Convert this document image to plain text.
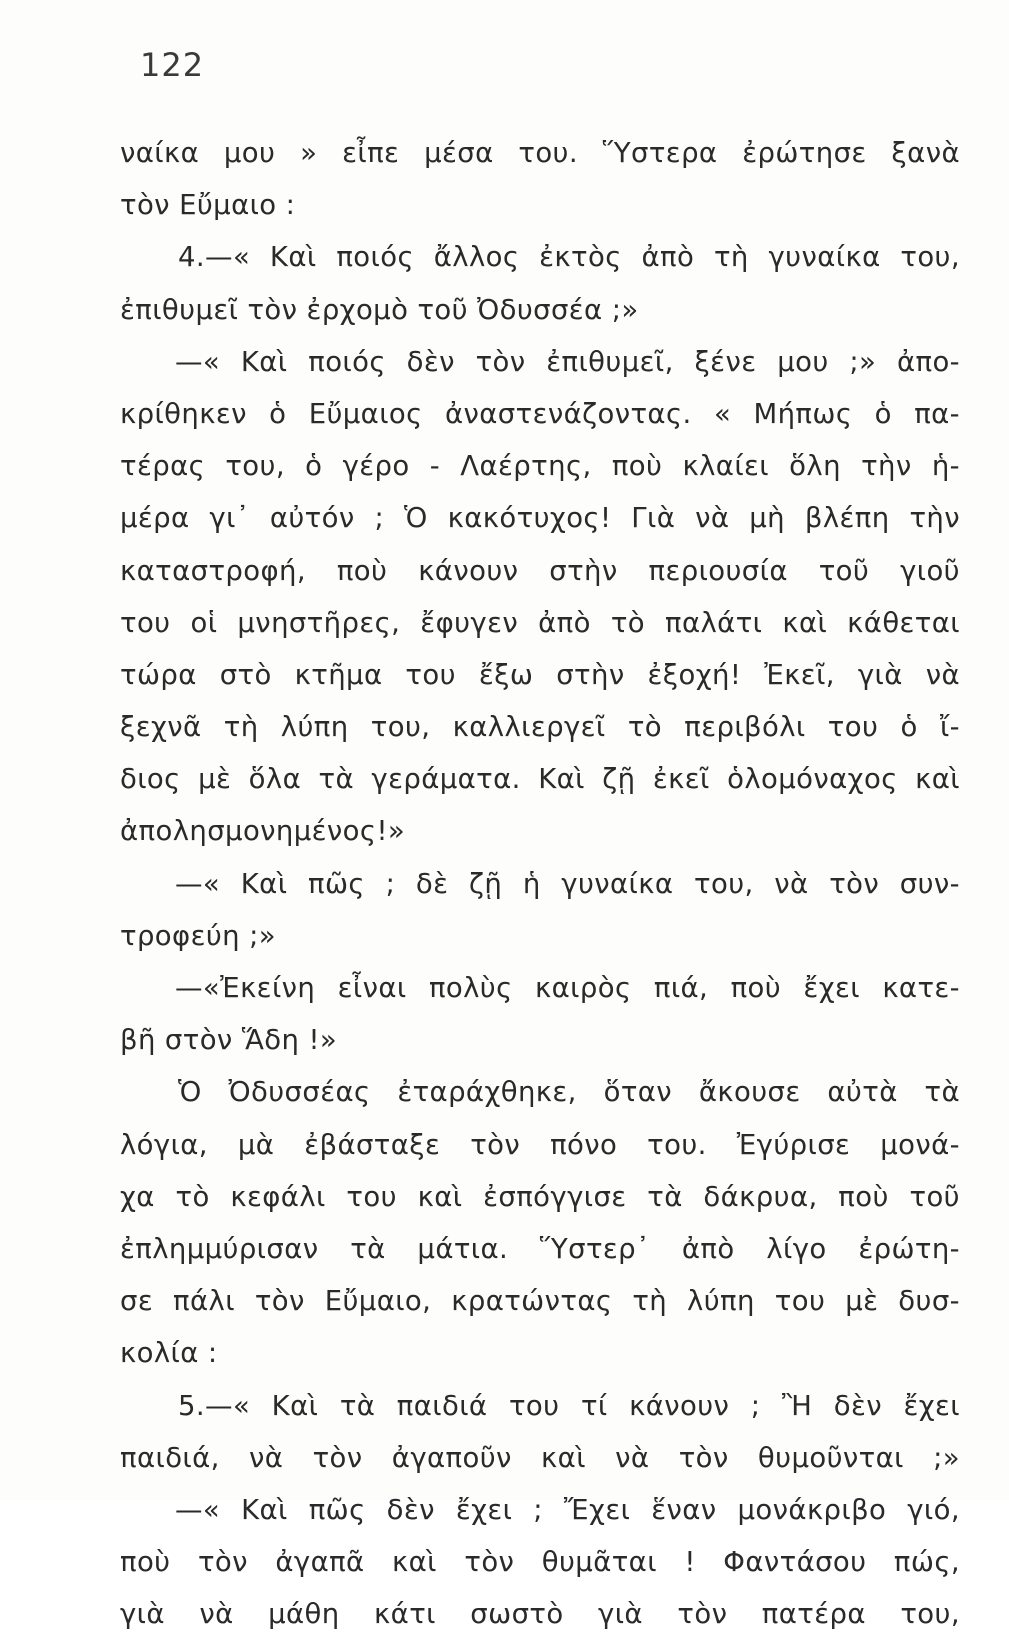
122
ναίκα μου » εἶπε μέσα του. Ὕστερα ἐρώτησε ξανὰ
τὸν Εὔμαιο :
4.—« Καὶ ποιός ἄλλος ἐκτὸς ἀπὸ τὴ γυναίκα του,
ἐπιθυμεῖ τὸν ἐρχομὸ τοῦ Ὀδυσσέα ;»
—« Καὶ ποιός δὲν τὸν ἐπιθυμεῖ, ξένε μου ;» ἀπο-
κρίθηκεν ὁ Εὔμαιος ἀναστενάζοντας. « Μήπως ὁ πα-
τέρας του, ὁ γέρο - Λαέρτης, ποὺ κλαίει ὅλη τὴν ἡ-
μέρα γι᾿ αὐτόν ; Ὁ κακότυχος! Γιὰ νὰ μὴ βλέπη τὴν
καταστροφή, ποὺ κάνουν στὴν περιουσία τοῦ γιοῦ
του οἱ μνηστῆρες, ἔφυγεν ἀπὸ τὸ παλάτι καὶ κάθεται
τώρα στὸ κτῆμα του ἔξω στὴν ἐξοχή! Ἐκεῖ, γιὰ νὰ
ξεχνᾶ τὴ λύπη του, καλλιεργεῖ τὸ περιβόλι του ὁ ἴ-
διος μὲ ὅλα τὰ γεράματα. Καὶ ζῇ ἐκεῖ ὁλομόναχος καὶ
ἀπολησμονημένος!»
—« Καὶ πῶς ; δὲ ζῇ ἡ γυναίκα του, νὰ τὸν συν-
τροφεύη ;»
—«Ἐκείνη εἶναι πολὺς καιρὸς πιά, ποὺ ἔχει κατε-
βῆ στὸν Ἅδη !»
Ὁ Ὀδυσσέας ἐταράχθηκε, ὅταν ἄκουσε αὐτὰ τὰ
λόγια, μὰ ἐβάσταξε τὸν πόνο του. Ἐγύρισε μονά-
χα τὸ κεφάλι του καὶ ἐσπόγγισε τὰ δάκρυα, ποὺ τοῦ
ἐπλημμύρισαν τὰ μάτια. Ὕστερ᾿ ἀπὸ λίγο ἐρώτη-
σε πάλι τὸν Εὔμαιο, κρατώντας τὴ λύπη του μὲ δυσ-
κολία :
5.—« Καὶ τὰ παιδιά του τί κάνουν ; Ἢ δὲν ἔχει
παιδιά, νὰ τὸν ἀγαποῦν καὶ νὰ τὸν θυμοῦνται ;»
—« Καὶ πῶς δὲν ἔχει ; Ἔχει ἕναν μονάκριβο γιό,
ποὺ τὸν ἀγαπᾶ καὶ τὸν θυμᾶται ! Φαντάσου πώς,
γιὰ νὰ μάθη κάτι σωστὸ γιὰ τὸν πατέρα του,
